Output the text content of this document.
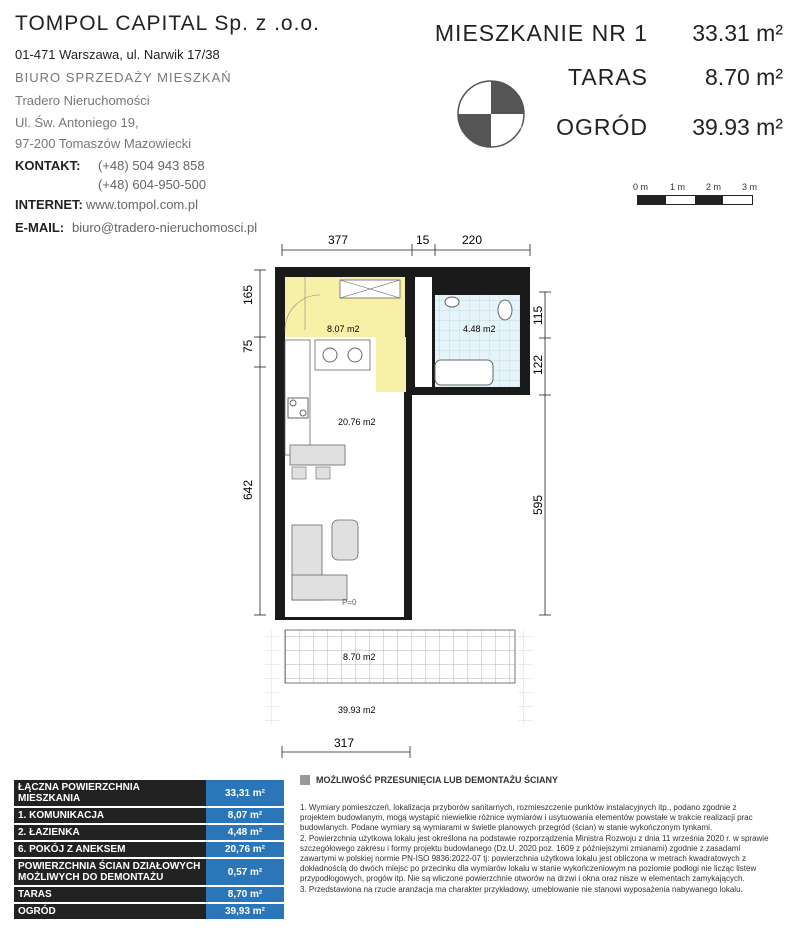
TOMPOL CAPITAL Sp. z .o.o.
01-471 Warszawa, ul. Narwik 17/38
BIURO SPRZEDAŻY MIESZKAŃ
Tradero Nieruchomości
Ul. Św. Antoniego 19,
97-200 Tomaszów Mazowiecki
KONTAKT: (+48) 504 943 858
(+48) 604-950-500
INTERNET: www.tompol.com.pl
E-MAIL: biuro@tradero-nieruchomosci.pl
MIESZKANIE NR 1 33.31 m²
TARAS 8.70 m²
OGRÓD 39.93 m²
PÓŁNOC
0 m 1 m 2 m 3 m
8.07 m2	4.48 m2
20.76 m2
P=0
8.70 m2
39.93 m2
377	15	220
165
75
642
115
122
595
317
ŁĄCZNA POWIERZCHNIA MIESZKANIA	33,31 m²
1. KOMUNIKACJA	8,07 m²
2. ŁAZIENKA	4,48 m²
6. POKÓJ Z ANEKSEM	20,76 m²
POWIERZCHNIA ŚCIAN DZIAŁOWYCH MOŻLIWYCH DO DEMONTAŻU	0,57 m²
TARAS	8,70 m²
OGRÓD	39,93 m²
MOŻLIWOŚĆ PRZESUNIĘCIA LUB DEMONTAŻU ŚCIANY

1. Wymiary pomieszczeń, lokalizacja przyborów sanitarnych, rozmieszczenie punktów instalacyjnych itp., podano zgodnie z projektem budowlanym, mogą wystąpić niewielkie różnice wymiarów i usytuowania elementów powstałe w trakcie realizacji prac budowlanych. Podane wymiary są wymiarami w świetle planowych przegród (ścian) w stanie wykończonym tynkami.

2. Powierzchnia użytkowa lokalu jest określona na podstawie rozporządzenia Ministra Rozwoju z dnia 11 września 2020 r. w sprawie szczegółowego zakresu i formy projektu budowlanego (Dz.U. 2020 poz. 1609 z późniejszymi zmianami) zgodnie z zasadami zawartymi w polskiej normie PN-ISO 9836:2022-07 tj: powierzchnia użytkowa lokalu jest obliczona w metrach kwadratowych z dokładnością do dwóch miejsc po przecinku dla wymiarów lokalu w stanie wykończeniowym na poziomie podłogi nie licząc listew przypodłogowych, progów itp. Nie są wliczone powierzchnie otworów na drzwi i okna oraz nisze w elementach zamykających.

3. Przedstawiona na rzucie aranżacja ma charakter przykładowy, umeblowanie nie stanowi wyposażenia nabywanego lokalu.
